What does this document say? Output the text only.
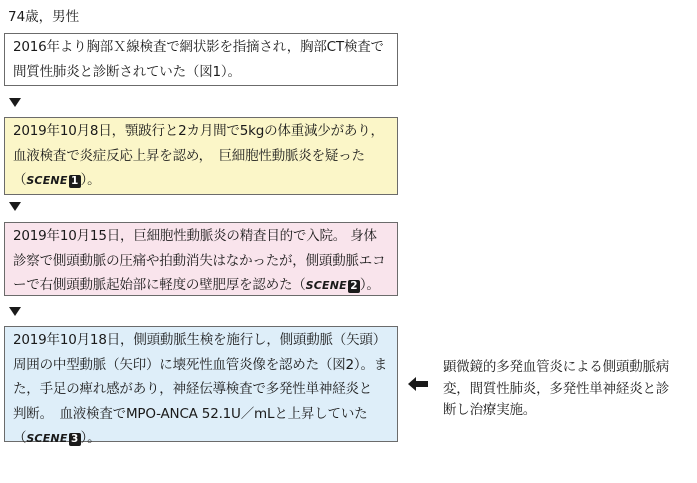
74歳，男性

2016年より胸部Ｘ線検査で網状影を指摘され，胸部CT検査で

間質性肺炎と診断されていた（図1）。

2019年10月8日，顎跛行と2カ月間で5kgの体重減少があり，

血液検査で炎症反応上昇を認め，　巨細胞性動脈炎を疑った

（SCENE 1 ）。

2019年10月15日，巨細胞性動脈炎の精査目的で入院。 身体

診察で側頭動脈の圧痛や拍動消失はなかったが，側頭動脈エコ

ーで右側頭動脈起始部に軽度の壁肥厚を認めた（SCENE 2 ）。

2019年10月18日，側頭動脈生検を施行し，側頭動脈（矢頭）

周囲の中型動脈（矢印）に壊死性血管炎像を認めた（図2）。ま

た，手足の痺れ感があり，神経伝導検査で多発性単神経炎と

判断。　血液検査でMPO-ANCA 52.1U／mLと上昇していた

（SCENE 3 ）。

顕微鏡的多発血管炎による側頭動脈病

変，間質性肺炎，多発性単神経炎と診

断し治療実施。
